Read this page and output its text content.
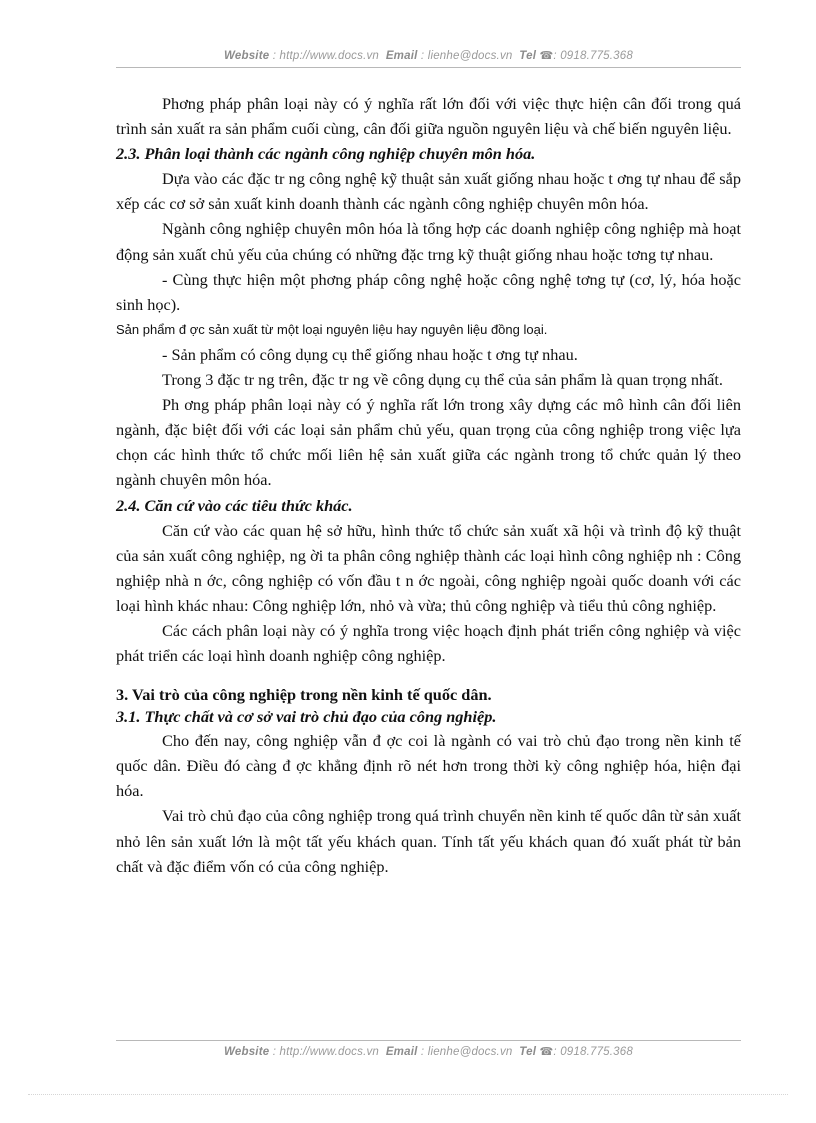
Website : http://www.docs.vn Email : lienhe@docs.vn Tel ☎: 0918.775.368

Phơng pháp phân loại này có ý nghĩa rất lớn đối với việc thực hiện cân đối trong quá trình sản xuất ra sản phẩm cuối cùng, cân đối giữa nguồn nguyên liệu và chế biến nguyên liệu.

2.3. Phân loại thành các ngành công nghiệp chuyên môn hóa.

Dựa vào các đặc tr ng công nghệ kỹ thuật sản xuất giống nhau hoặc t ơng tự nhau để sắp xếp các cơ sở sản xuất kinh doanh thành các ngành công nghiệp chuyên môn hóa.

Ngành công nghiệp chuyên môn hóa là tổng hợp các doanh nghiệp công nghiệp mà hoạt động sản xuất chủ yếu của chúng có những đặc trng kỹ thuật giống nhau hoặc tơng tự nhau.

- Cùng thực hiện một phơng pháp công nghệ hoặc công nghệ tơng tự (cơ, lý, hóa hoặc sinh học).

Sản phẩm đ ợc sản xuất từ một loại nguyên liệu hay nguyên liệu đồng loại.

- Sản phẩm có công dụng cụ thể giống nhau hoặc t ơng tự nhau.

Trong 3 đặc tr ng trên, đặc tr ng về công dụng cụ thể của sản phẩm là quan trọng nhất.

Ph ơng pháp phân loại này có ý nghĩa rất lớn trong xây dựng các mô hình cân đối liên ngành, đặc biệt đối với các loại sản phẩm chủ yếu, quan trọng của công nghiệp trong việc lựa chọn các hình thức tổ chức mối liên hệ sản xuất giữa các ngành trong tổ chức quản lý theo ngành chuyên môn hóa.

2.4. Căn cứ vào các tiêu thức khác.

Căn cứ vào các quan hệ sở hữu, hình thức tổ chức sản xuất xã hội và trình độ kỹ thuật của sản xuất công nghiệp, ng ời ta phân công nghiệp thành các loại hình công nghiệp nh : Công nghiệp nhà n ớc, công nghiệp có vốn đầu t n ớc ngoài, công nghiệp ngoài quốc doanh với các loại hình khác nhau: Công nghiệp lớn, nhỏ và vừa; thủ công nghiệp và tiểu thủ công nghiệp.

Các cách phân loại này có ý nghĩa trong việc hoạch định phát triển công nghiệp và việc phát triển các loại hình doanh nghiệp công nghiệp.

3. Vai trò của công nghiệp trong nền kinh tế quốc dân.
3.1. Thực chất và cơ sở vai trò chủ đạo của công nghiệp.

Cho đến nay, công nghiệp vẫn đ ợc coi là ngành có vai trò chủ đạo trong nền kinh tế quốc dân. Điều đó càng đ ợc khẳng định rõ nét hơn trong thời kỳ công nghiệp hóa, hiện đại hóa.

Vai trò chủ đạo của công nghiệp trong quá trình chuyển nền kinh tế quốc dân từ sản xuất nhỏ lên sản xuất lớn là một tất yếu khách quan. Tính tất yếu khách quan đó xuất phát từ bản chất và đặc điểm vốn có của công nghiệp.

Website : http://www.docs.vn Email : lienhe@docs.vn Tel ☎: 0918.775.368
